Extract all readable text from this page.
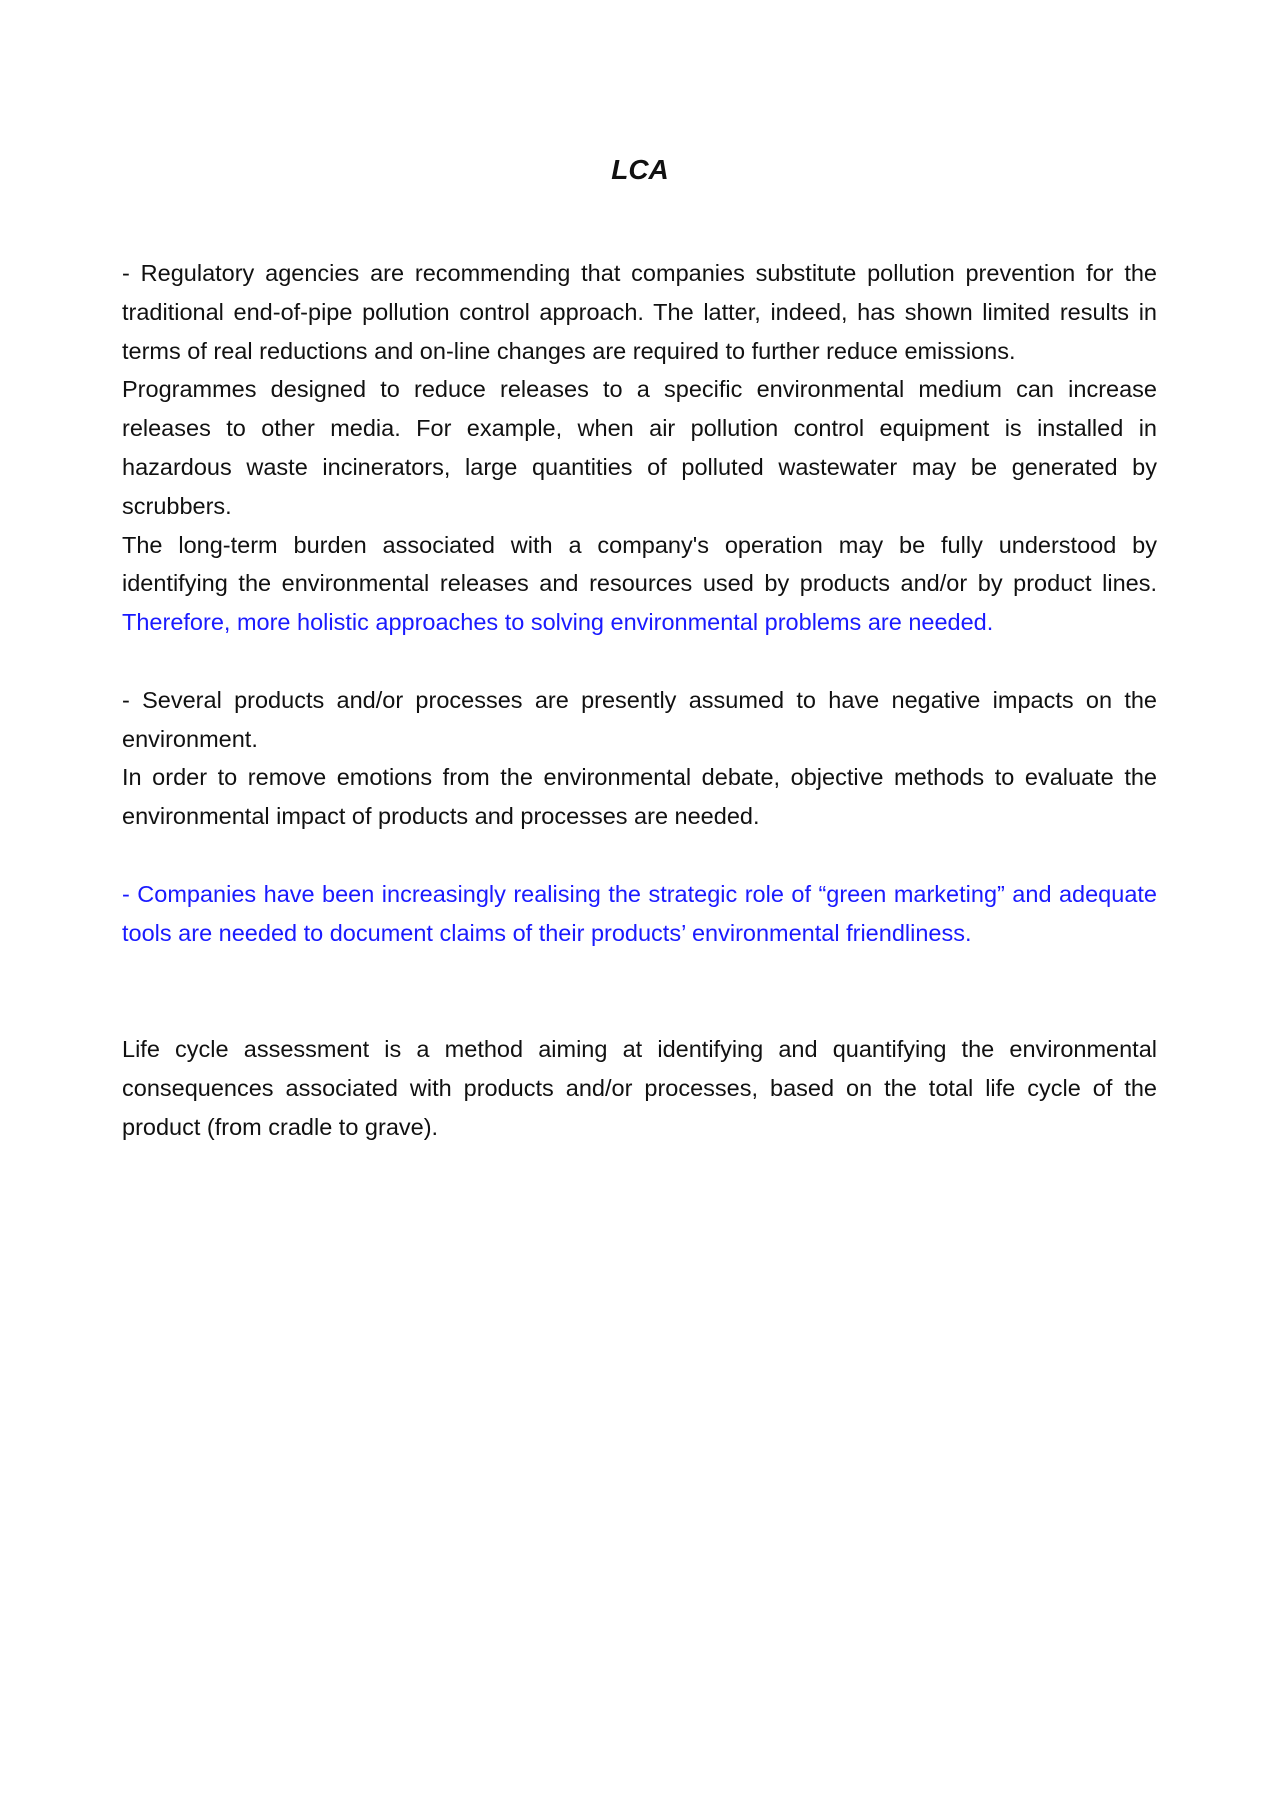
LCA

- Regulatory agencies are recommending that companies substitute pollution prevention for the traditional end-of-pipe pollution control approach. The latter, indeed, has shown limited results in terms of real reductions and on-line changes are required to further reduce emissions.

Programmes designed to reduce releases to a specific environmental medium can increase releases to other media. For example, when air pollution control equipment is installed in hazardous waste incinerators, large quantities of polluted wastewater may be generated by scrubbers.

The long-term burden associated with a company's operation may be fully understood by identifying the environmental releases and resources used by products and/or by product lines. Therefore, more holistic approaches to solving environmental problems are needed.

- Several products and/or processes are presently assumed to have negative impacts on the environment.

In order to remove emotions from the environmental debate, objective methods to evaluate the environmental impact of products and processes are needed.

- Companies have been increasingly realising the strategic role of “green marketing” and adequate tools are needed to document claims of their products’ environmental friendliness.

Life cycle assessment is a method aiming at identifying and quantifying the environmental consequences associated with products and/or processes, based on the total life cycle of the product (from cradle to grave).
